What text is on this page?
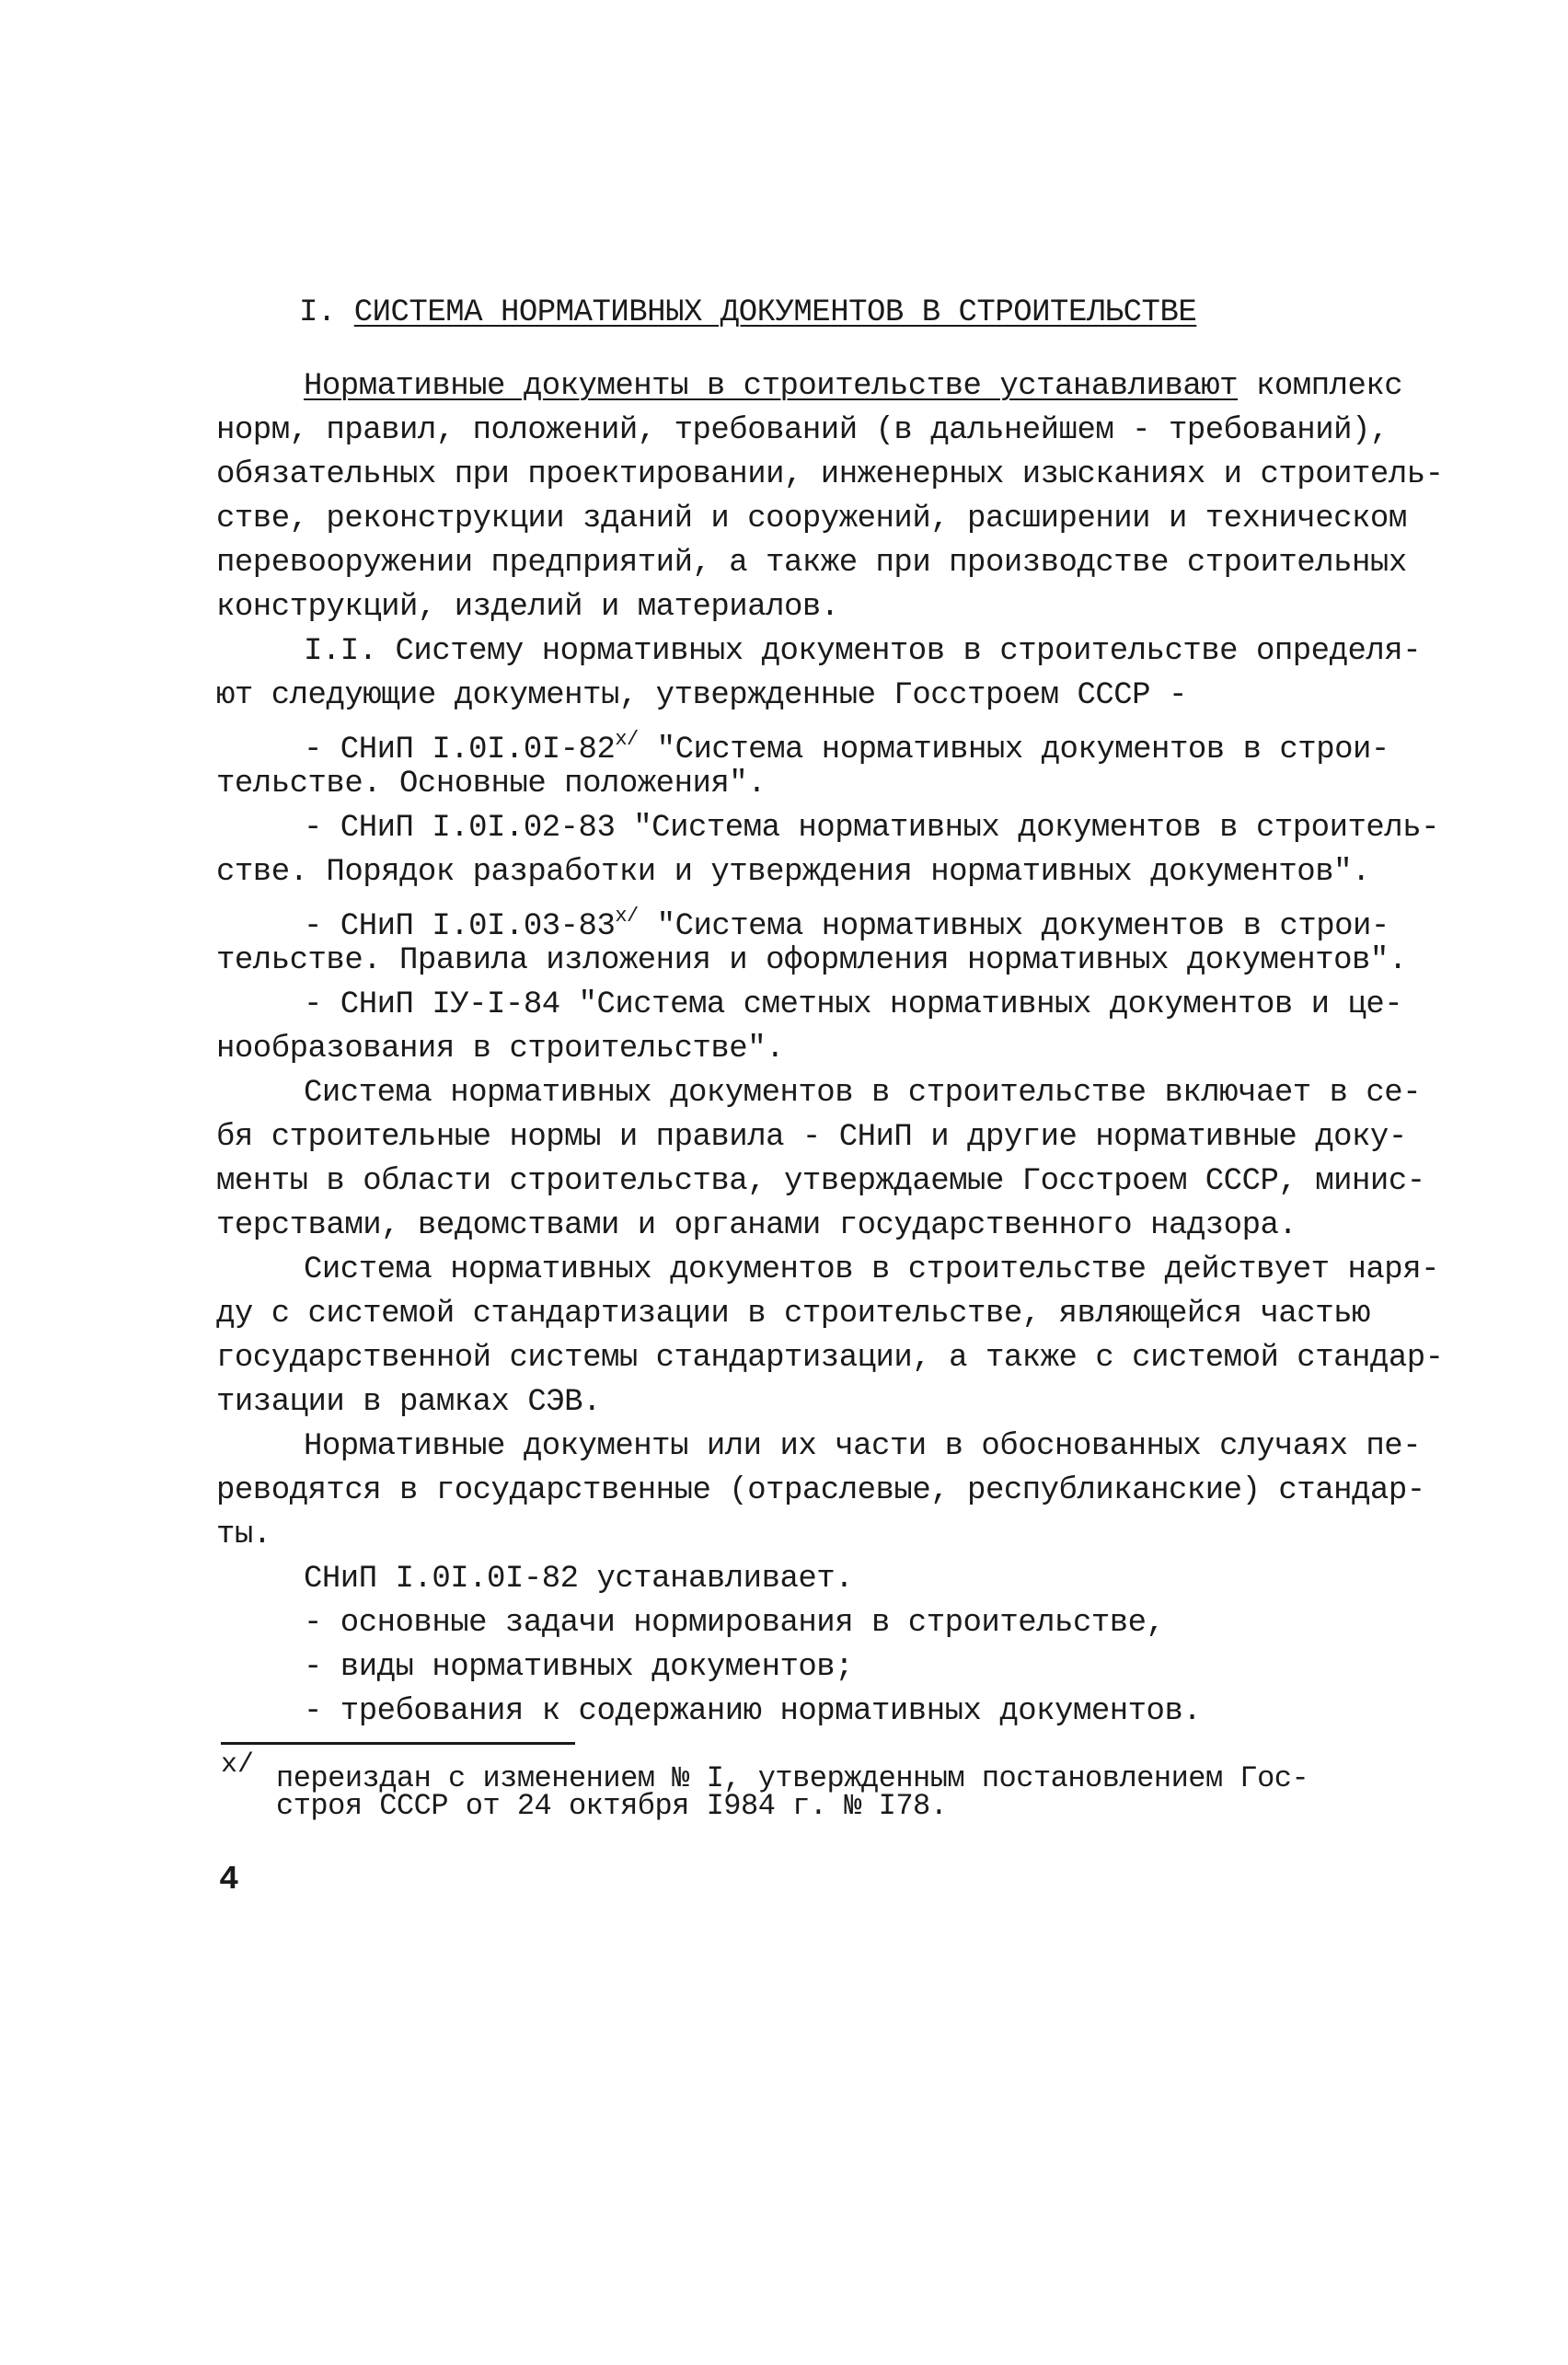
I. СИСТЕМА НОРМАТИВНЫХ ДОКУМЕНТОВ В СТРОИТЕЛЬСТВЕ
Нормативные документы в строительстве устанавливают комплекс
норм, правил, положений, требований (в дальнейшем - требований),
обязательных при проектировании, инженерных изысканиях и строитель-
стве, реконструкции зданий и сооружений, расширении и техническом
перевооружении предприятий, а также при производстве строительных
конструкций, изделий и материалов.
I.I. Систему нормативных документов в строительстве определя-
ют следующие документы, утвержденные Госстроем СССР -
- СНиП $I.0I.0I-82^{х/}$ "Система нормативных документов в строи-
тельстве. Основные положения".
- СНиП I.0I.02-83 "Система нормативных документов в строитель-
стве. Порядок разработки и утверждения нормативных документов".
- СНиП $I.0I.03-83^{х/}$ "Система нормативных документов в строи-
тельстве. Правила изложения и оформления нормативных документов".
- СНиП IУ-I-84 "Система сметных нормативных документов и це-
нообразования в строительстве".
Система нормативных документов в строительстве включает в се-
бя строительные нормы и правила - СНиП и другие нормативные доку-
менты в области строительства, утверждаемые Госстроем СССР, минис-
терствами, ведомствами и органами государственного надзора.
Система нормативных документов в строительстве действует наря-
ду с системой стандартизации в строительстве, являющейся частью
государственной системы стандартизации, а также с системой стандар-
тизации в рамках СЭВ.
Нормативные документы или их части в обоснованных случаях пе-
реводятся в государственные (отраслевые, республиканские) стандар-
ты.
СНиП I.0I.0I-82 устанавливает.
- основные задачи нормирования в строительстве,
- виды нормативных документов;
- требования к содержанию нормативных документов.
х/ переиздан с изменением № I, утвержденным постановлением Гос-
строя СССР от 24 октября I984 г. № I78.
4
